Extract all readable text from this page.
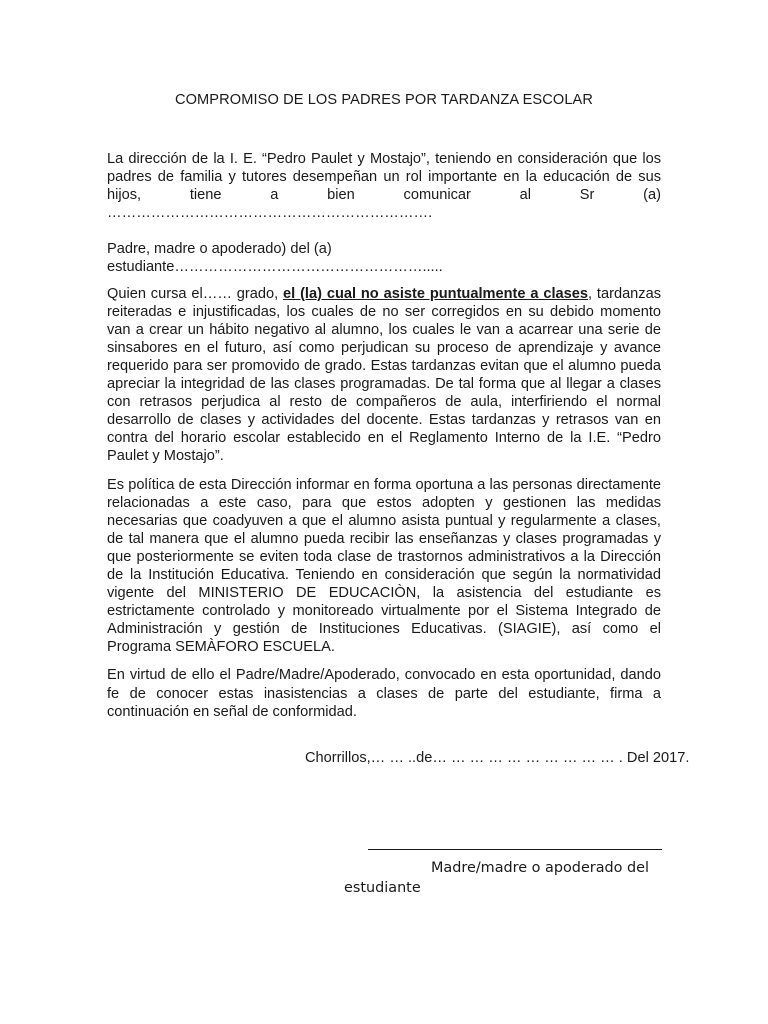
COMPROMISO DE LOS PADRES POR TARDANZA ESCOLAR

La dirección de la I. E. “Pedro Paulet y Mostajo”, teniendo en consideración que los padres de familia y tutores desempeñan un rol importante en la educación de sus hijos, tiene a bien comunicar al Sr (a) ………………………………………………………….

Padre, madre o apoderado) del (a) estudiante…………………………………………….....

Quien cursa el…… grado, el (la) cual no asiste puntualmente a clases, tardanzas reiteradas e injustificadas, los cuales de no ser corregidos en su debido momento van a crear un hábito negativo al alumno, los cuales le van a acarrear una serie de sinsabores en el futuro, así como perjudican su proceso de aprendizaje y avance requerido para ser promovido de grado. Estas tardanzas evitan que el alumno pueda apreciar la integridad de las clases programadas. De tal forma que al llegar a clases con retrasos perjudica al resto de compañeros de aula, interfiriendo el normal desarrollo de clases y actividades del docente. Estas tardanzas y retrasos van en contra del horario escolar establecido en el Reglamento Interno de la I.E. “Pedro Paulet y Mostajo”.

Es política de esta Dirección informar en forma oportuna a las personas directamente relacionadas a este caso, para que estos adopten y gestionen las medidas necesarias que coadyuven a que el alumno asista puntual y regularmente a clases, de tal manera que el alumno pueda recibir las enseñanzas y clases programadas y que posteriormente se eviten toda clase de trastornos administrativos a la Dirección de la Institución Educativa. Teniendo en consideración que según la normatividad vigente del MINISTERIO DE EDUCACIÒN, la asistencia del estudiante es estrictamente controlado y monitoreado virtualmente por el Sistema Integrado de Administración y gestión de Instituciones Educativas. (SIAGIE), así como el Programa SEMÀFORO ESCUELA.

En virtud de ello el Padre/Madre/Apoderado, convocado en esta oportunidad, dando fe de conocer estas inasistencias a clases de parte del estudiante, firma a continuación en señal de conformidad.

Chorrillos,… … ..de… … … … … … … … … … . Del 2017.
Madre/madre o apoderado del
estudiante
